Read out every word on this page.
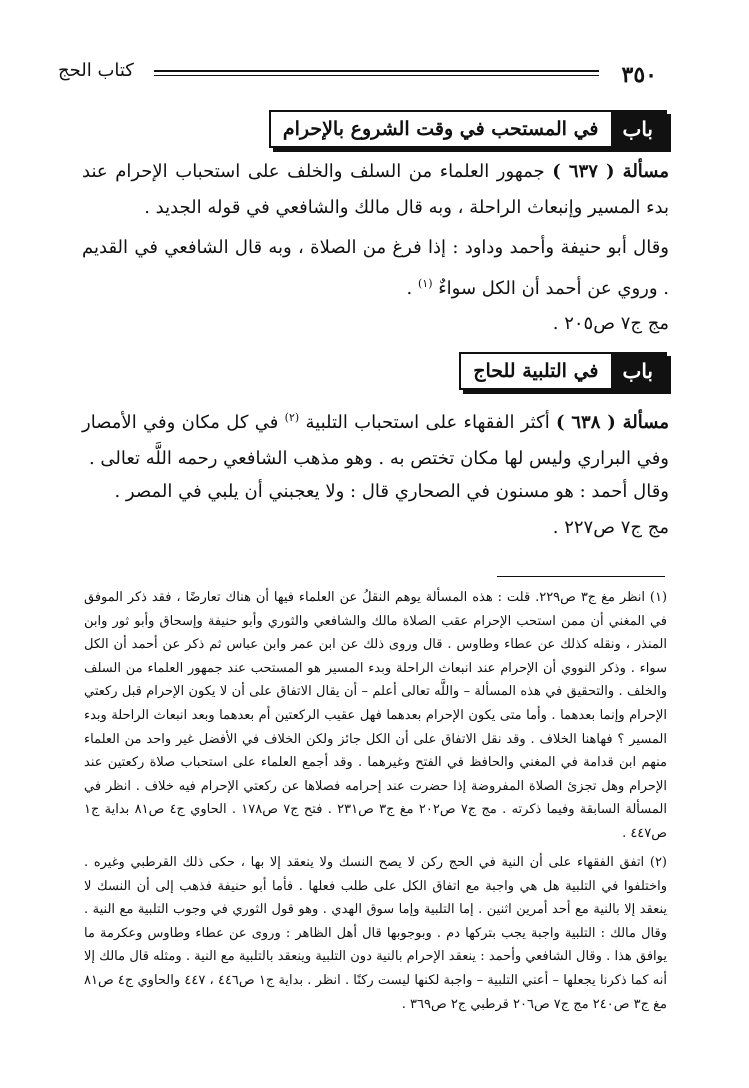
٣٥٠
كتاب الحج
باب
في المستحب في وقت الشروع بالإحرام

مسألة ( ٦٣٧ ) جمهور العلماء من السلف والخلف على استحباب الإحرام عند بدء المسير وإنبعاث الراحلة ، وبه قال مالك والشافعي في قوله الجديد .

وقال أبو حنيفة وأحمد وداود : إذا فرغ من الصلاة ، وبه قال الشافعي في القديم . وروي عن أحمد أن الكل سواءٌ $^{(١)}$ .

مج ج٧ ص٢٠٥ .

باب
في التلبية للحاج

مسألة ( ٦٣٨ ) أكثر الفقهاء على استحباب التلبية $^{(٢)}$ في كل مكان وفي الأمصار وفي البراري وليس لها مكان تختص به . وهو مذهب الشافعي رحمه اللَّه تعالى .

وقال أحمد : هو مسنون في الصحاري قال : ولا يعجبني أن يلبي في المصر .

مج ج٧ ص٢٢٧ .

(١) انظر مغ ج٣ ص٢٢٩. قلت : هذه المسألة يوهم النقلُ عن العلماء فيها أن هناك تعارضًا ، فقد ذكر الموفق في المغني أن ممن استحب الإحرام عقب الصلاة مالك والشافعي والثوري وأبو حنيفة وإسحاق وأبو ثور وابن المنذر ، ونقله كذلك عن عطاء وطاوس . قال وروى ذلك عن ابن عمر وابن عباس ثم ذكر عن أحمد أن الكل سواء . وذكر النووي أن الإحرام عند انبعاث الراحلة وبدء المسير هو المستحب عند جمهور العلماء من السلف والخلف . والتحقيق في هذه المسألة – واللَّه تعالى أعلم – أن يقال الاتفاق على أن لا يكون الإحرام قبل ركعتي الإحرام وإنما بعدهما . وأما متى يكون الإحرام بعدهما فهل عقيب الركعتين أم بعدهما وبعد انبعاث الراحلة وبدء المسير ؟ فهاهنا الخلاف . وقد نقل الاتفاق على أن الكل جائز ولكن الخلاف في الأفضل غير واحد من العلماء منهم ابن قدامة في المغني والحافظ في الفتح وغيرهما . وقد أجمع العلماء على استحباب صلاة ركعتين عند الإحرام وهل تجزئ الصلاة المفروضة إذا حضرت عند إحرامه فصلاها عن ركعتي الإحرام فيه خلاف . انظر في المسألة السابقة وفيما ذكرته . مج ج٧ ص٢٠٢ مغ ج٣ ص٢٣١ . فتح ج٧ ص١٧٨ . الحاوي ج٤ ص٨١ بداية ج١ ص٤٤٧ .

(٢) اتفق الفقهاء على أن النية في الحج ركن لا يصح النسك ولا ينعقد إلا بها ، حكى ذلك القرطبي وغيره . واختلفوا في التلبية هل هي واجبة مع اتفاق الكل على طلب فعلها . فأما أبو حنيفة فذهب إلى أن النسك لا ينعقد إلا بالنية مع أحد أمرين اثنين . إما التلبية وإما سوق الهدي . وهو قول الثوري في وجوب التلبية مع النية . وقال مالك : التلبية واجبة يجب بتركها دم . وبوجوبها قال أهل الظاهر : وروى عن عطاء وطاوس وعكرمة ما يوافق هذا . وقال الشافعي وأحمد : ينعقد الإحرام بالنية دون التلبية وينعقد بالتلبية مع النية . ومثله قال مالك إلا أنه كما ذكرنا يجعلها – أعني التلبية – واجبة لكنها ليست ركنًا . انظر . بداية ج١ ص٤٤٦ ، ٤٤٧ والحاوي ج٤ ص٨١ مغ ج٣ ص٢٤٠ مج ج٧ ص٢٠٦ قرطبي ج٢ ص٣٦٩ .
